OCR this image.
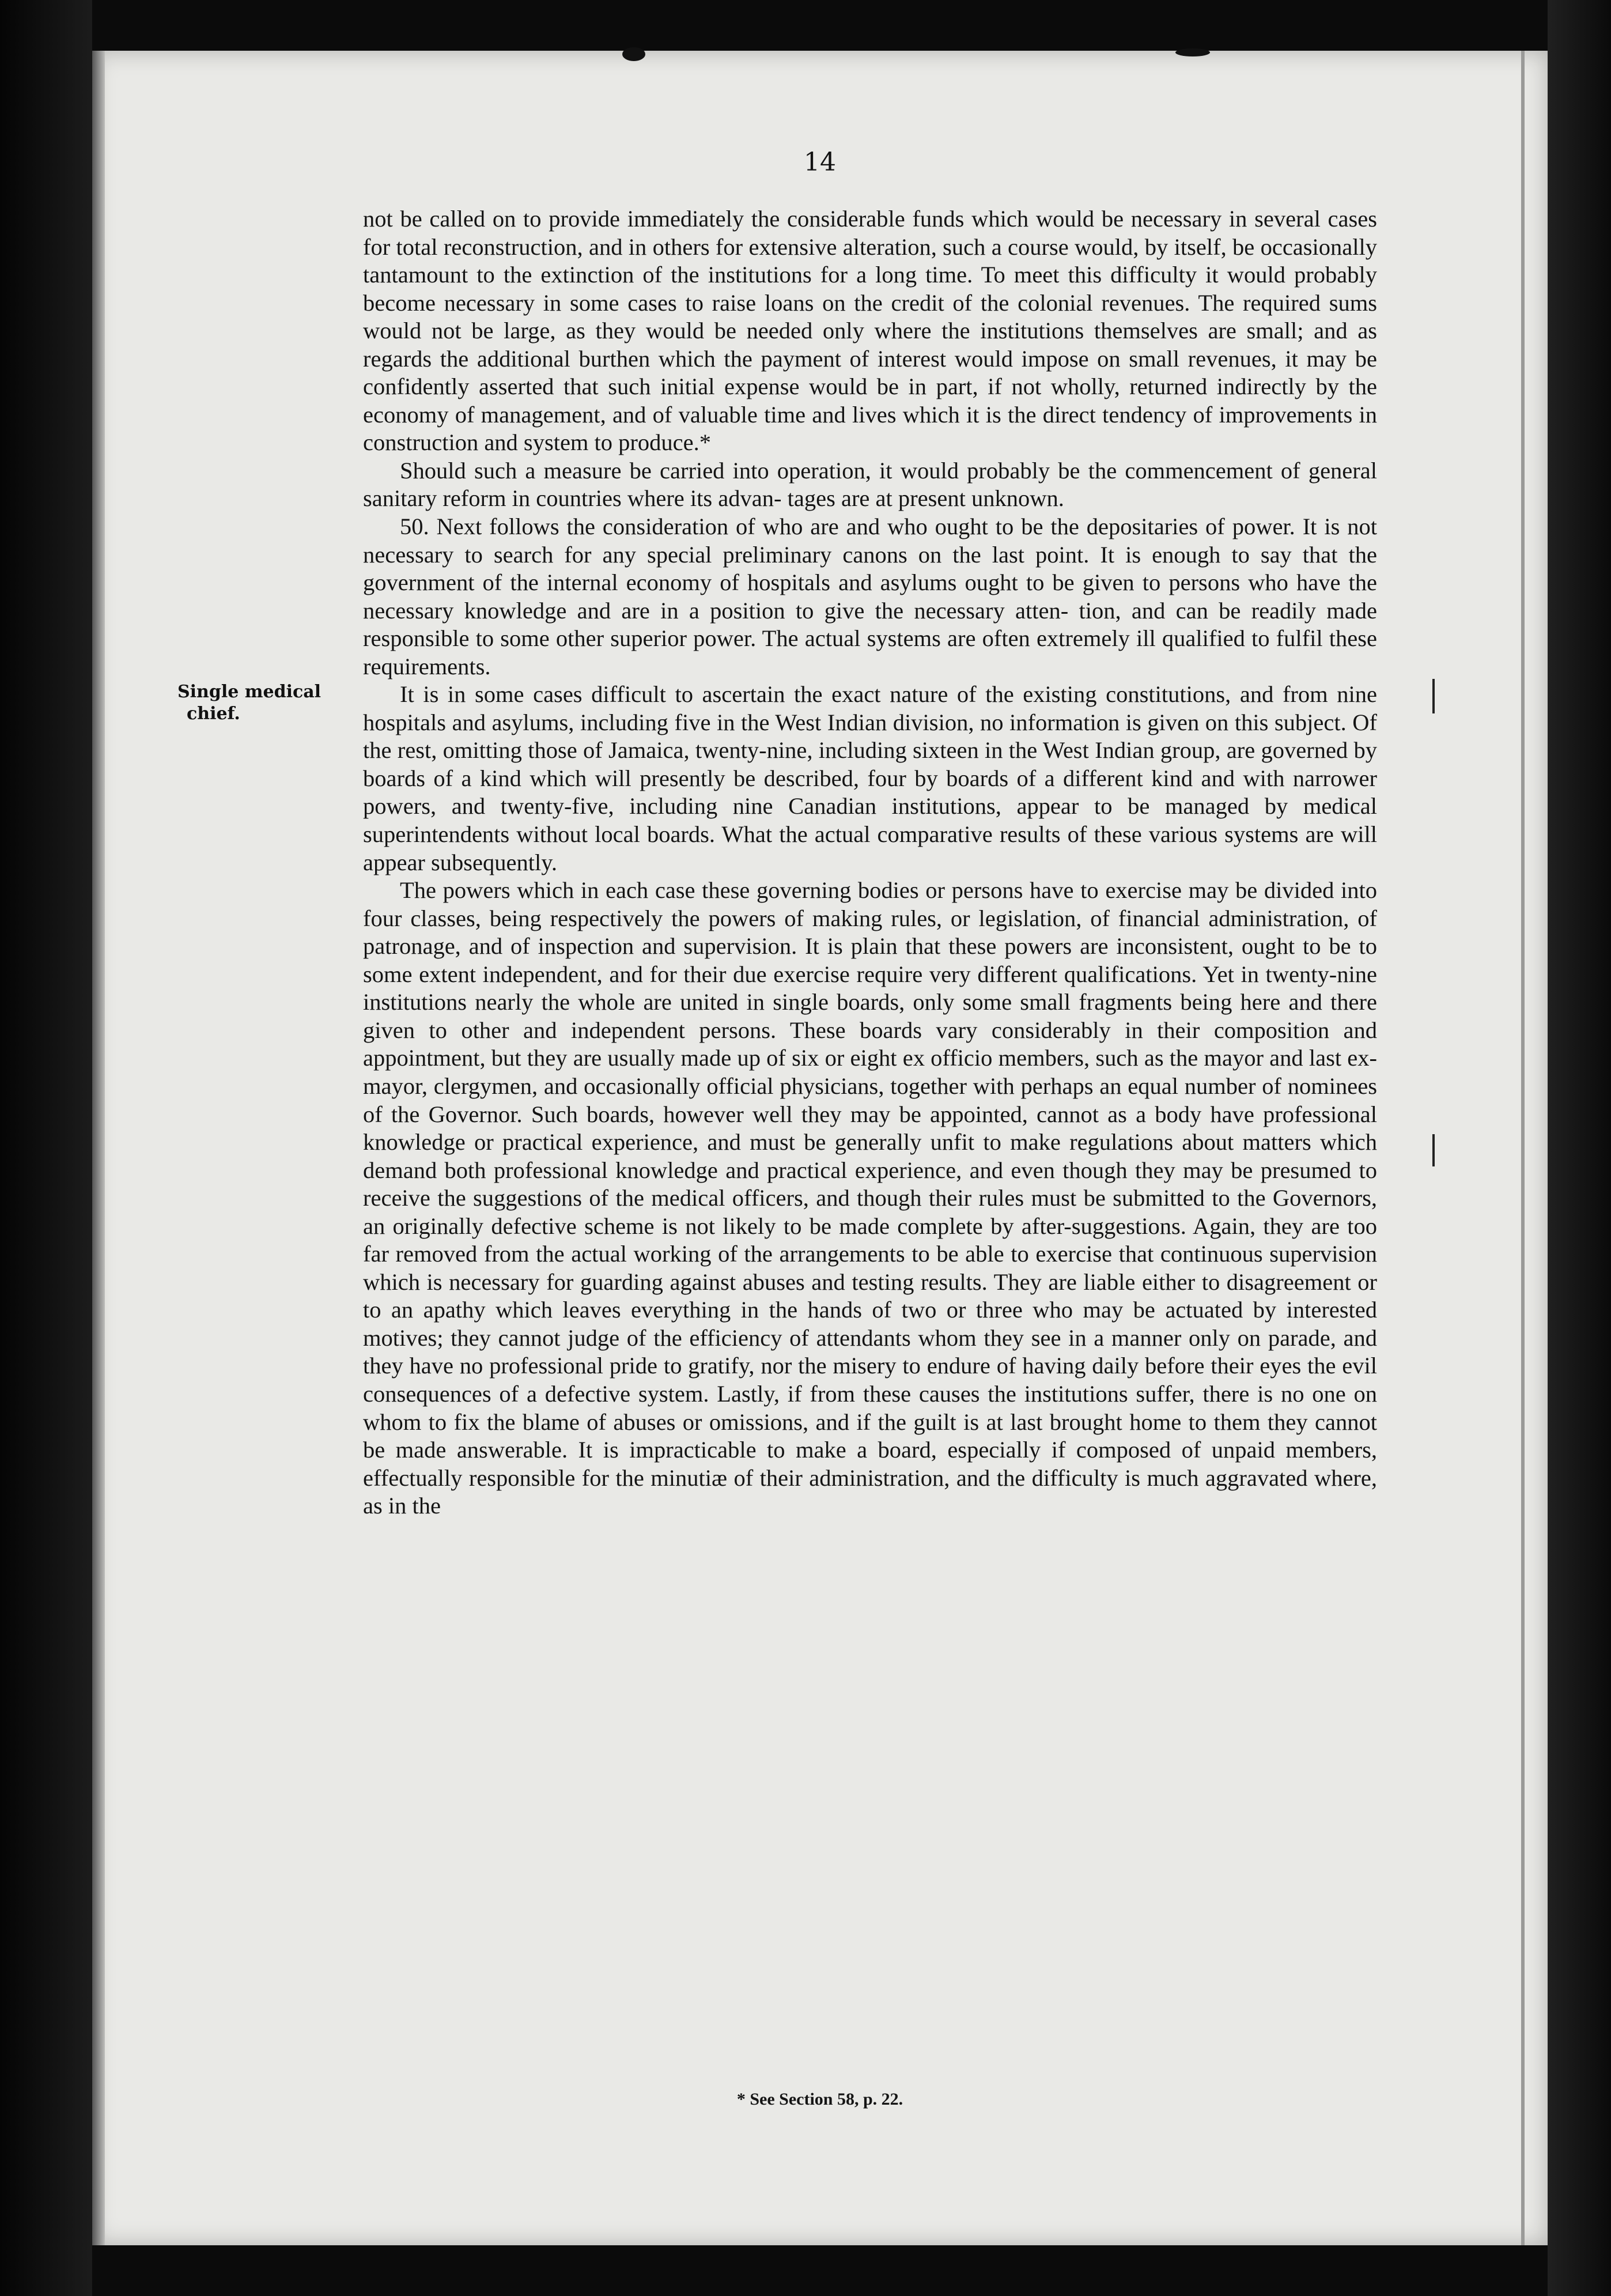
14
Single medical
chief.

not be called on to provide immediately the considerable funds which would be necessary in several cases for total reconstruction, and in others for extensive alteration, such a course would, by itself, be occasionally tantamount to the extinction of the institutions for a long time. To meet this difficulty it would probably become necessary in some cases to raise loans on the credit of the colonial revenues. The required sums would not be large, as they would be needed only where the institutions themselves are small; and as regards the additional burthen which the payment of interest would impose on small revenues, it may be confidently asserted that such initial expense would be in part, if not wholly, returned indirectly by the economy of management, and of valuable time and lives which it is the direct tendency of improvements in construction and system to produce.*

Should such a measure be carried into operation, it would probably be the commencement of general sanitary reform in countries where its advan- tages are at present unknown.

50. Next follows the consideration of who are and who ought to be the depositaries of power. It is not necessary to search for any special preliminary canons on the last point. It is enough to say that the government of the internal economy of hospitals and asylums ought to be given to persons who have the necessary knowledge and are in a position to give the necessary atten- tion, and can be readily made responsible to some other superior power. The actual systems are often extremely ill qualified to fulfil these requirements.

It is in some cases difficult to ascertain the exact nature of the existing constitutions, and from nine hospitals and asylums, including five in the West Indian division, no information is given on this subject. Of the rest, omitting those of Jamaica, twenty-nine, including sixteen in the West Indian group, are governed by boards of a kind which will presently be described, four by boards of a different kind and with narrower powers, and twenty-five, including nine Canadian institutions, appear to be managed by medical superintendents without local boards. What the actual comparative results of these various systems are will appear subsequently.

The powers which in each case these governing bodies or persons have to exercise may be divided into four classes, being respectively the powers of making rules, or legislation, of financial administration, of patronage, and of inspection and supervision. It is plain that these powers are inconsistent, ought to be to some extent independent, and for their due exercise require very different qualifications. Yet in twenty-nine institutions nearly the whole are united in single boards, only some small fragments being here and there given to other and independent persons. These boards vary considerably in their composition and appointment, but they are usually made up of six or eight ex officio members, such as the mayor and last ex-mayor, clergymen, and occasionally official physicians, together with perhaps an equal number of nominees of the Governor. Such boards, however well they may be appointed, cannot as a body have professional knowledge or practical experience, and must be generally unfit to make regulations about matters which demand both professional knowledge and practical experience, and even though they may be presumed to receive the suggestions of the medical officers, and though their rules must be submitted to the Governors, an originally defective scheme is not likely to be made complete by after-suggestions. Again, they are too far removed from the actual working of the arrangements to be able to exercise that continuous supervision which is necessary for guarding against abuses and testing results. They are liable either to disagreement or to an apathy which leaves everything in the hands of two or three who may be actuated by interested motives; they cannot judge of the efficiency of attendants whom they see in a manner only on parade, and they have no professional pride to gratify, nor the misery to endure of having daily before their eyes the evil consequences of a defective system. Lastly, if from these causes the institutions suffer, there is no one on whom to fix the blame of abuses or omissions, and if the guilt is at last brought home to them they cannot be made answerable. It is impracticable to make a board, especially if composed of unpaid members, effectually responsible for the minutiæ of their administration, and the difficulty is much aggravated where, as in the

* See Section 58, p. 22.
